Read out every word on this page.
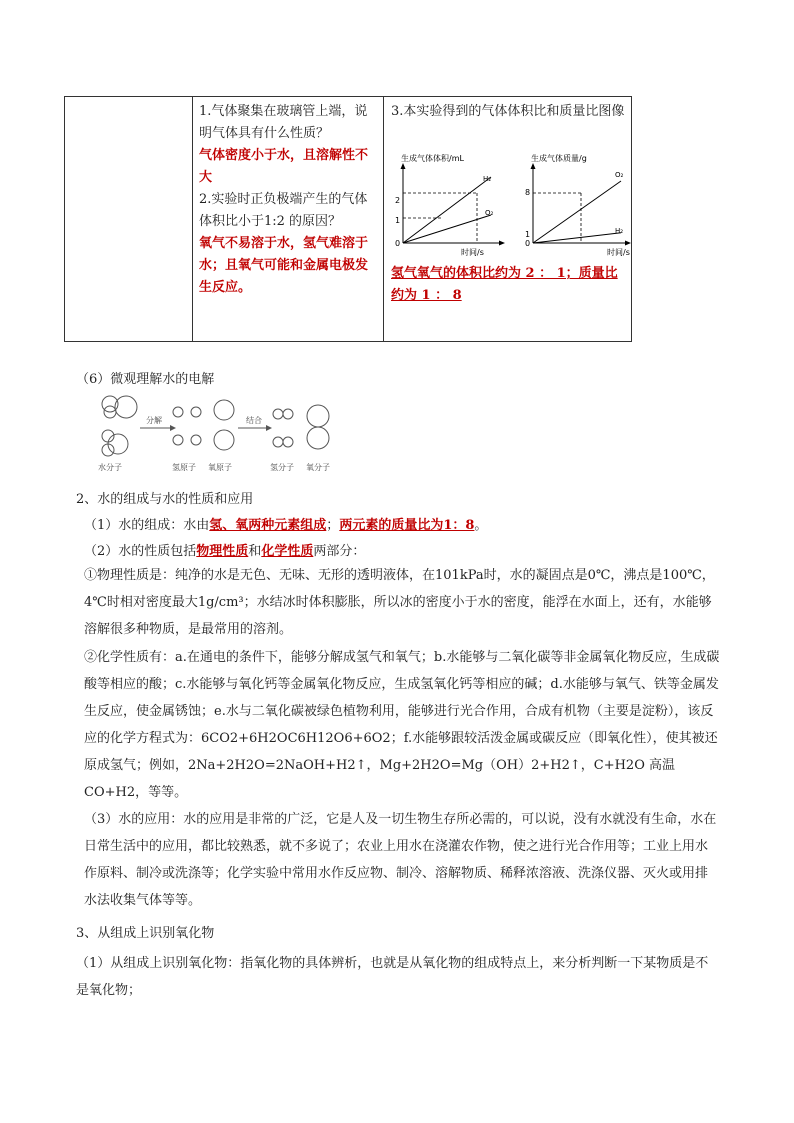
1.气体聚集在玻璃管上端，说明气体具有什么性质？

气体密度小于水，且溶解性不大

2.实验时正负极端产生的气体体积比小于1:2 的原因？

氧气不易溶于水，氢气难溶于水；且氧气可能和金属电极发生反应。

3.本实验得到的气体体积比和质量比图像

生成气体体积/mL
2
1
0
H₂
O₂
时间/s
生成气体质量/g
8
1
0
O₂
H₂
时间/s

氢气氧气的体积比约为 2 ： 1；质量比约为 1 ： 8

（6）微观理解水的电解
分解	结合
水分子	氢原子 氧原子	氢分子 氧分子
2、水的组成与水的性质和应用
（1）水的组成：水由氢、氧两种元素组成；两元素的质量比为1：8。
（2）水的性质包括物理性质和化学性质两部分：
①物理性质是：纯净的水是无色、无味、无形的透明液体，在101kPa时，水的凝固点是0℃，沸点是100℃，4℃时相对密度最大1g/cm³；水结冰时体积膨胀，所以冰的密度小于水的密度，能浮在水面上，还有，水能够溶解很多种物质，是最常用的溶剂。
②化学性质有：a.在通电的条件下，能够分解成氢气和氧气；b.水能够与二氧化碳等非金属氧化物反应，生成碳酸等相应的酸；c.水能够与氧化钙等金属氧化物反应，生成氢氧化钙等相应的碱；d.水能够与氧气、铁等金属发生反应，使金属锈蚀；e.水与二氧化碳被绿色植物利用，能够进行光合作用，合成有机物（主要是淀粉），该反应的化学方程式为：6CO2+6H2OC6H12O6+6O2；f.水能够跟较活泼金属或碳反应（即氧化性），使其被还原成氢气；例如，2Na+2H2O=2NaOH+H2↑，Mg+2H2O=Mg（OH）2+H2↑，C+H2O 高温 CO+H2，等等。
（3）水的应用：水的应用是非常的广泛，它是人及一切生物生存所必需的，可以说，没有水就没有生命，水在日常生活中的应用，都比较熟悉，就不多说了；农业上用水在浇灌农作物，使之进行光合作用等；工业上用水作原料、制冷或洗涤等；化学实验中常用水作反应物、制冷、溶解物质、稀释浓溶液、洗涤仪器、灭火或用排水法收集气体等等。
3、从组成上识别氧化物
（1）从组成上识别氧化物：指氧化物的具体辨析，也就是从氧化物的组成特点上，来分析判断一下某物质是不是氧化物；
